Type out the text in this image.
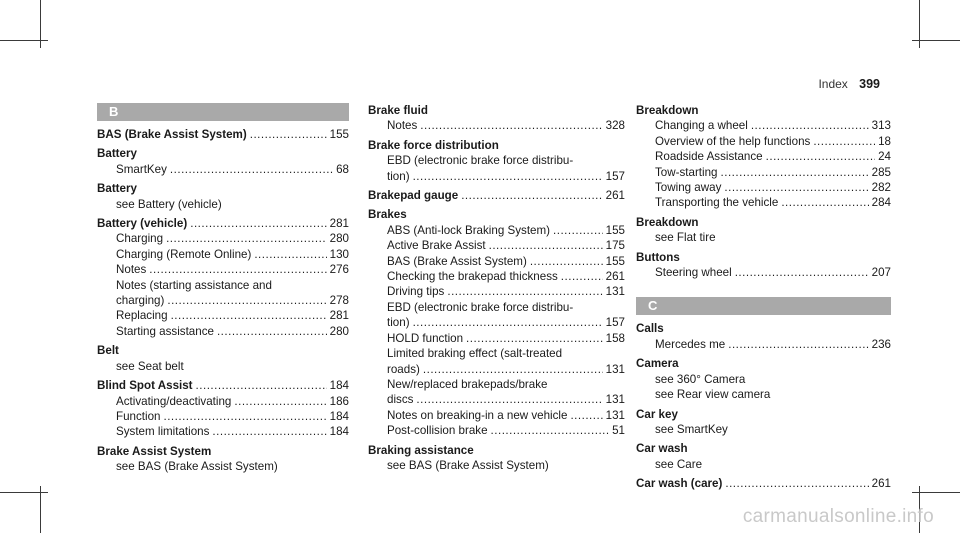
Index 399
B
BAS (Brake Assist System) .....	155
Battery
SmartKey .....	68
Battery
see Battery (vehicle)
Battery (vehicle) .....	281
Charging .....	280
Charging (Remote Online) .....	130
Notes .....	276
Notes (starting assistance and
charging) .....	278
Replacing .....	281
Starting assistance .....	280
Belt
see Seat belt
Blind Spot Assist .....	184
Activating/deactivating .....	186
Function .....	184
System limitations .....	184
Brake Assist System
see BAS (Brake Assist System)
Brake fluid
Notes .....	328
Brake force distribution
EBD (electronic brake force distribu-
tion) .....	157
Brakepad gauge .....	261
Brakes
ABS (Anti-lock Braking System) .....	155
Active Brake Assist .....	175
BAS (Brake Assist System) .....	155
Checking the brakepad thickness .....	261
Driving tips .....	131
EBD (electronic brake force distribu-
tion) .....	157
HOLD function .....	158
Limited braking effect (salt-treated
roads) .....	131
New/replaced brakepads/brake
discs .....	131
Notes on breaking-in a new vehicle .....	131
Post-collision brake .....	51
Braking assistance
see BAS (Brake Assist System)
Breakdown
Changing a wheel .....	313
Overview of the help functions .....	18
Roadside Assistance .....	24
Tow-starting .....	285
Towing away .....	282
Transporting the vehicle .....	284
Breakdown
see Flat tire
Buttons
Steering wheel .....	207
C
Calls
Mercedes me .....	236
Camera
see 360° Camera
see Rear view camera
Car key
see SmartKey
Car wash
see Care
Car wash (care) .....	261
carmanualsonline.info
